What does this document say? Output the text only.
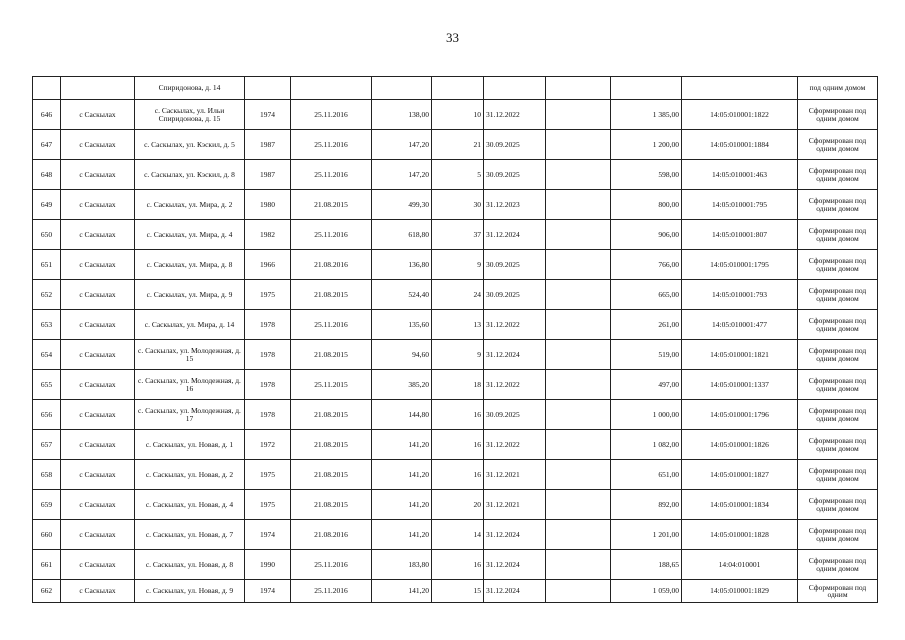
33
		Спиридонова, д. 14									под одним домом
646	с Саскылах	с. Саскылах, ул. Ильи Спиридонова, д. 15	1974	25.11.2016	138,00	10	31.12.2022		1 385,00	14:05:010001:1822	Сформирован под одним домом
647	с Саскылах	с. Саскылах, ул. Кэскил, д. 5	1987	25.11.2016	147,20	21	30.09.2025		1 200,00	14:05:010001:1884	Сформирован под одним домом
648	с Саскылах	с. Саскылах, ул. Кэскил, д. 8	1987	25.11.2016	147,20	5	30.09.2025		598,00	14:05:010001:463	Сформирован под одним домом
649	с Саскылах	с. Саскылах, ул. Мира, д. 2	1980	21.08.2015	499,30	30	31.12.2023		800,00	14:05:010001:795	Сформирован под одним домом
650	с Саскылах	с. Саскылах, ул. Мира, д. 4	1982	25.11.2016	618,80	37	31.12.2024		906,00	14:05:010001:807	Сформирован под одним домом
651	с Саскылах	с. Саскылах, ул. Мира, д. 8	1966	21.08.2016	136,80	9	30.09.2025		766,00	14:05:010001:1795	Сформирован под одним домом
652	с Саскылах	с. Саскылах, ул. Мира, д. 9	1975	21.08.2015	524,40	24	30.09.2025		665,00	14:05:010001:793	Сформирован под одним домом
653	с Саскылах	с. Саскылах, ул. Мира, д. 14	1978	25.11.2016	135,60	13	31.12.2022		261,00	14:05:010001:477	Сформирован под одним домом
654	с Саскылах	с. Саскылах, ул. Молодежная, д. 15	1978	21.08.2015	94,60	9	31.12.2024		519,00	14:05:010001:1821	Сформирован под одним домом
655	с Саскылах	с. Саскылах, ул. Молодежная, д. 16	1978	25.11.2015	385,20	18	31.12.2022		497,00	14:05:010001:1337	Сформирован под одним домом
656	с Саскылах	с. Саскылах, ул. Молодежная, д. 17	1978	21.08.2015	144,80	16	30.09.2025		1 000,00	14:05:010001:1796	Сформирован под одним домом
657	с Саскылах	с. Саскылах, ул. Новая, д. 1	1972	21.08.2015	141,20	16	31.12.2022		1 082,00	14:05:010001:1826	Сформирован под одним домом
658	с Саскылах	с. Саскылах, ул. Новая, д. 2	1975	21.08.2015	141,20	16	31.12.2021		651,00	14:05:010001:1827	Сформирован под одним домом
659	с Саскылах	с. Саскылах, ул. Новая, д. 4	1975	21.08.2015	141,20	20	31.12.2021		892,00	14:05:010001:1834	Сформирован под одним домом
660	с Саскылах	с. Саскылах, ул. Новая, д. 7	1974	21.08.2016	141,20	14	31.12.2024		1 201,00	14:05:010001:1828	Сформирован под одним домом
661	с Саскылах	с. Саскылах, ул. Новая, д. 8	1990	25.11.2016	183,80	16	31.12.2024		188,65	14:04:010001	Сформирован под одним домом
662	с Саскылах	с. Саскылах, ул. Новая, д. 9	1974	25.11.2016	141,20	15	31.12.2024		1 059,00	14:05:010001:1829	Сформирован под одним
